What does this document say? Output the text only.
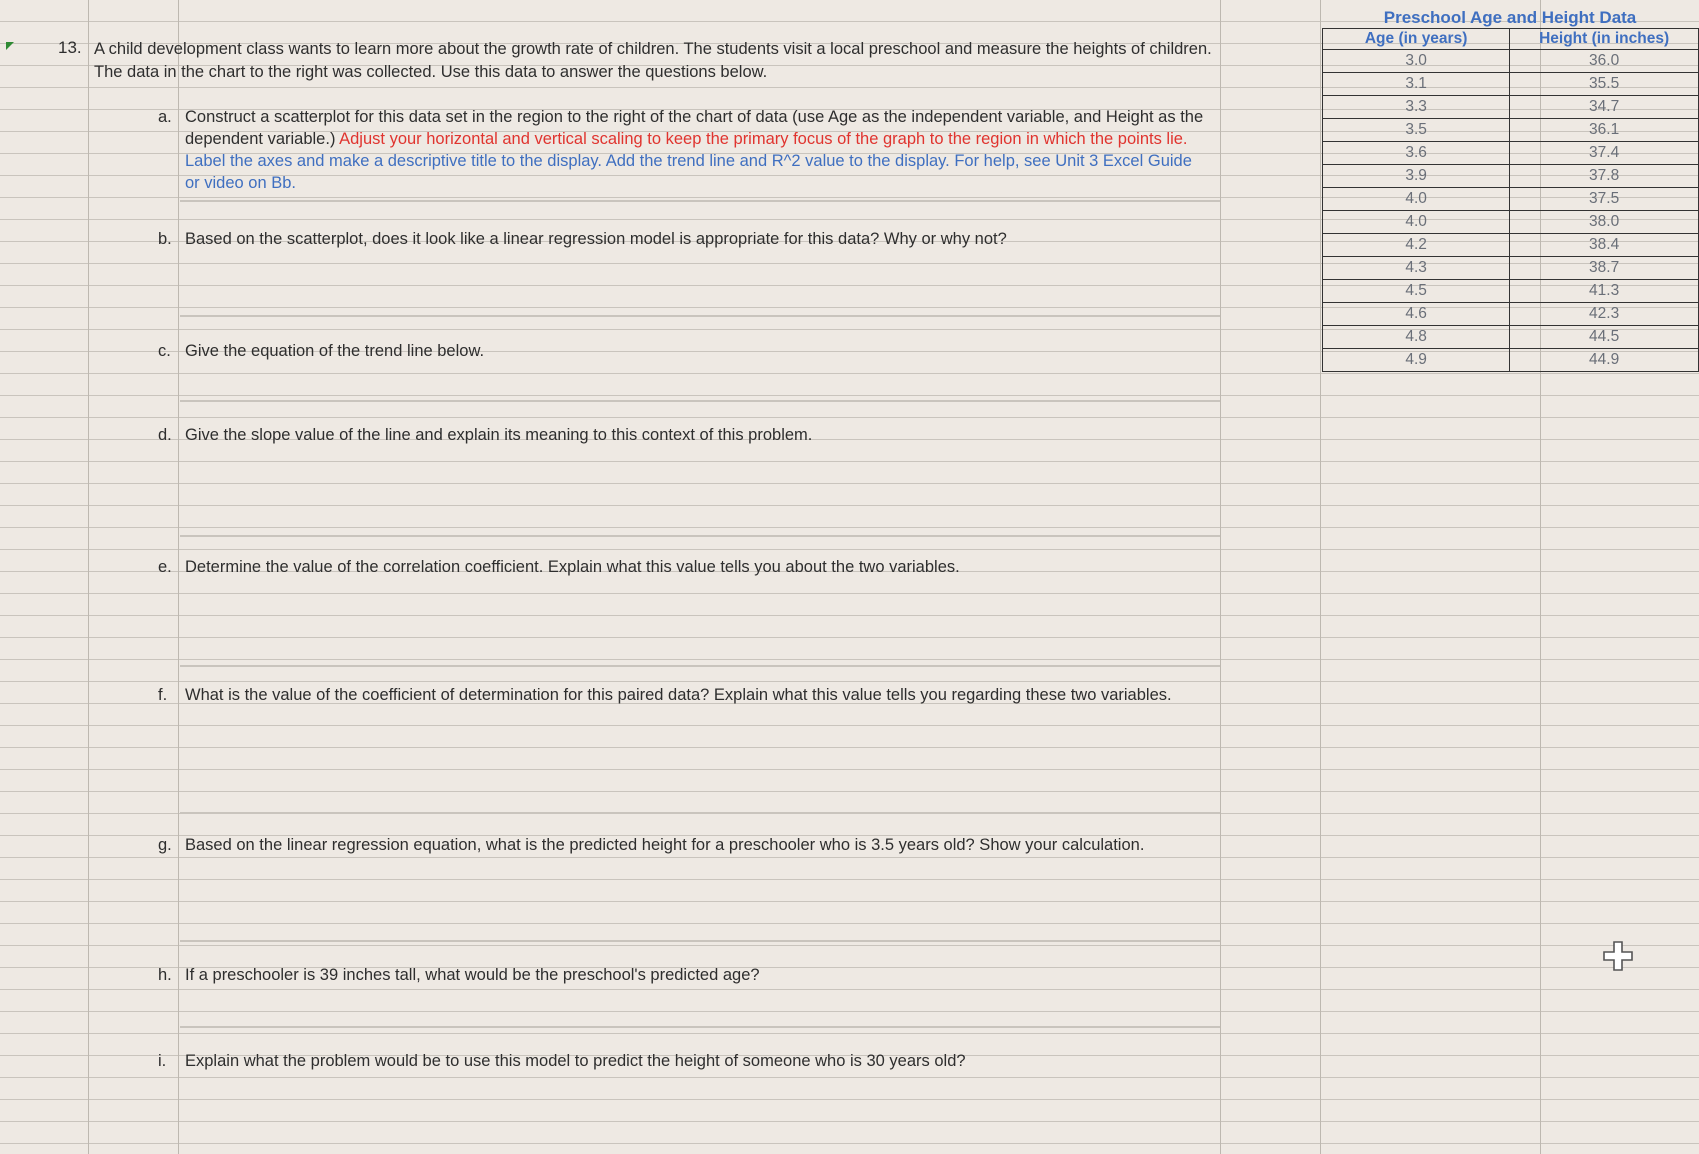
13. A child development class wants to learn more about the growth rate of children. The students visit a local preschool and measure the heights of children. The data in the chart to the right was collected. Use this data to answer the questions below.
a. Construct a scatterplot for this data set in the region to the right of the chart of data (use Age as the independent variable, and Height as the dependent variable.) Adjust your horizontal and vertical scaling to keep the primary focus of the graph to the region in which the points lie. Label the axes and make a descriptive title to the display. Add the trend line and R^2 value to the display. For help, see Unit 3 Excel Guide or video on Bb.
b. Based on the scatterplot, does it look like a linear regression model is appropriate for this data? Why or why not?
c. Give the equation of the trend line below.
d. Give the slope value of the line and explain its meaning to this context of this problem.
e. Determine the value of the correlation coefficient. Explain what this value tells you about the two variables.
f.	What is the value of the coefficient of determination for this paired data? Explain what this value tells you regarding these two variables.
g. Based on the linear regression equation, what is the predicted height for a preschooler who is 3.5 years old? Show your calculation.
h. If a preschooler is 39 inches tall, what would be the preschool's predicted age?
i.	Explain what the problem would be to use this model to predict the height of someone who is 30 years old?
Preschool Age and Height Data
Age (in years)	Height (in inches)
3.0	36.0
3.1	35.5
3.3	34.7
3.5	36.1
3.6	37.4
3.9	37.8
4.0	37.5
4.0	38.0
4.2	38.4
4.3	38.7
4.5	41.3
4.6	42.3
4.8	44.5
4.9	44.9
